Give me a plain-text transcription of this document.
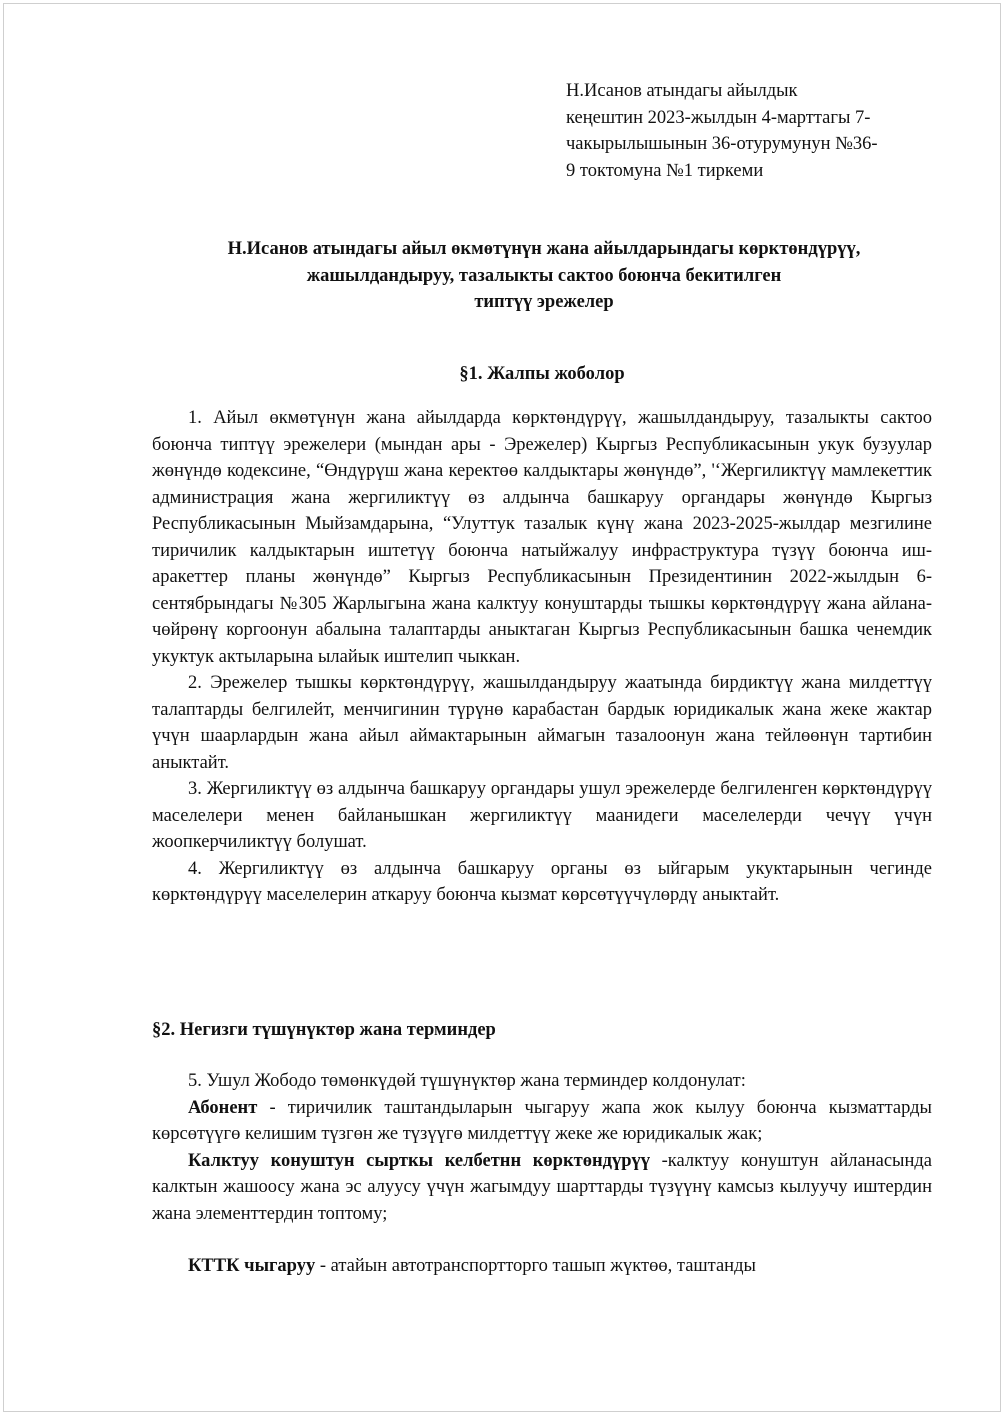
Н.Исанов атындагы айылдык
кеңештин 2023-жылдын 4-марттагы 7-
чакырылышынын 36-отурумунун №36-
9 токтомуна №1 тиркеми
Н.Исанов атындагы айыл өкмөтүнүн жана айылдарындагы көрктөндүрүү,
жашылдандыруу, тазалыкты сактоо боюнча бекитилген
типтүү эрежелер
§1. Жалпы жоболор

1. Айыл өкмөтүнүн жана айылдарда көрктөндүрүү, жашылдандыруу, тазалыкты сактоо боюнча типтүү эрежелери (мындан ары - Эрежелер) Кыргыз Республикасынын укук бузуулар жөнүндө кодексине, “Өндүрүш жана керектөө калдыктары жөнүндө”, '‘Жергиликтүү мамлекеттик администрация жана жергиликтүү өз алдынча башкаруу органдары жөнүндө Кыргыз Республикасынын Мыйзамдарына, “Улуттук тазалык күнү жана 2023-2025-жылдар мезгилине тиричилик калдыктарын иштетүү боюнча натыйжалуу инфраструктура түзүү боюнча иш-аракеттер планы жөнүндө” Кыргыз Республикасынын Президентинин 2022-жылдын 6-сентябрындагы №305 Жарлыгына жана калктуу конуштарды тышкы көрктөндүрүү жана айлана-чөйрөнү коргоонун абалына талаптарды аныктаган Кыргыз Республикасынын башка ченемдик укуктук актыларына ылайык иштелип чыккан.

2. Эрежелер тышкы көрктөндүрүү, жашылдандыруу жаатында бирдиктүү жана милдеттүү талаптарды белгилейт, менчигинин түрүнө карабастан бардык юридикалык жана жеке жактар үчүн шаарлардын жана айыл аймактарынын аймагын тазалоонун жана тейлөөнүн тартибин аныктайт.

3. Жергиликтүү өз алдынча башкаруу органдары ушул эрежелерде белгиленген көрктөндүрүү маселелери менен байланышкан жергиликтүү маанидеги маселелерди чечүү үчүн жоопкерчиликтүү болушат.

4. Жергиликтүү өз алдынча башкаруу органы өз ыйгарым укуктарынын чегинде көрктөндүрүү маселелерин аткаруу боюнча кызмат көрсөтүүчүлөрдү аныктайт.

§2. Негизги түшүнүктөр жана терминдер

5. Ушул Жободо төмөнкүдөй түшүнүктөр жана терминдер колдонулат:

Абонент - тиричилик таштандыларын чыгаруу жапа жок кылуу боюнча кызматтарды көрсөтүүгө келишим түзгөн же түзүүгө милдеттүү жеке же юридикалык жак;

Калктуу конуштун сырткы келбетнн көрктөндүрүү -калктуу конуштун айланасында калктын жашоосу жана эс алуусу үчүн жагымдуу шарттарды түзүүнү камсыз кылуучу иштердин жана элементтердин топтому;

КТТК чыгаруу - атайын автотранспортторго ташып жүктөө, таштанды
